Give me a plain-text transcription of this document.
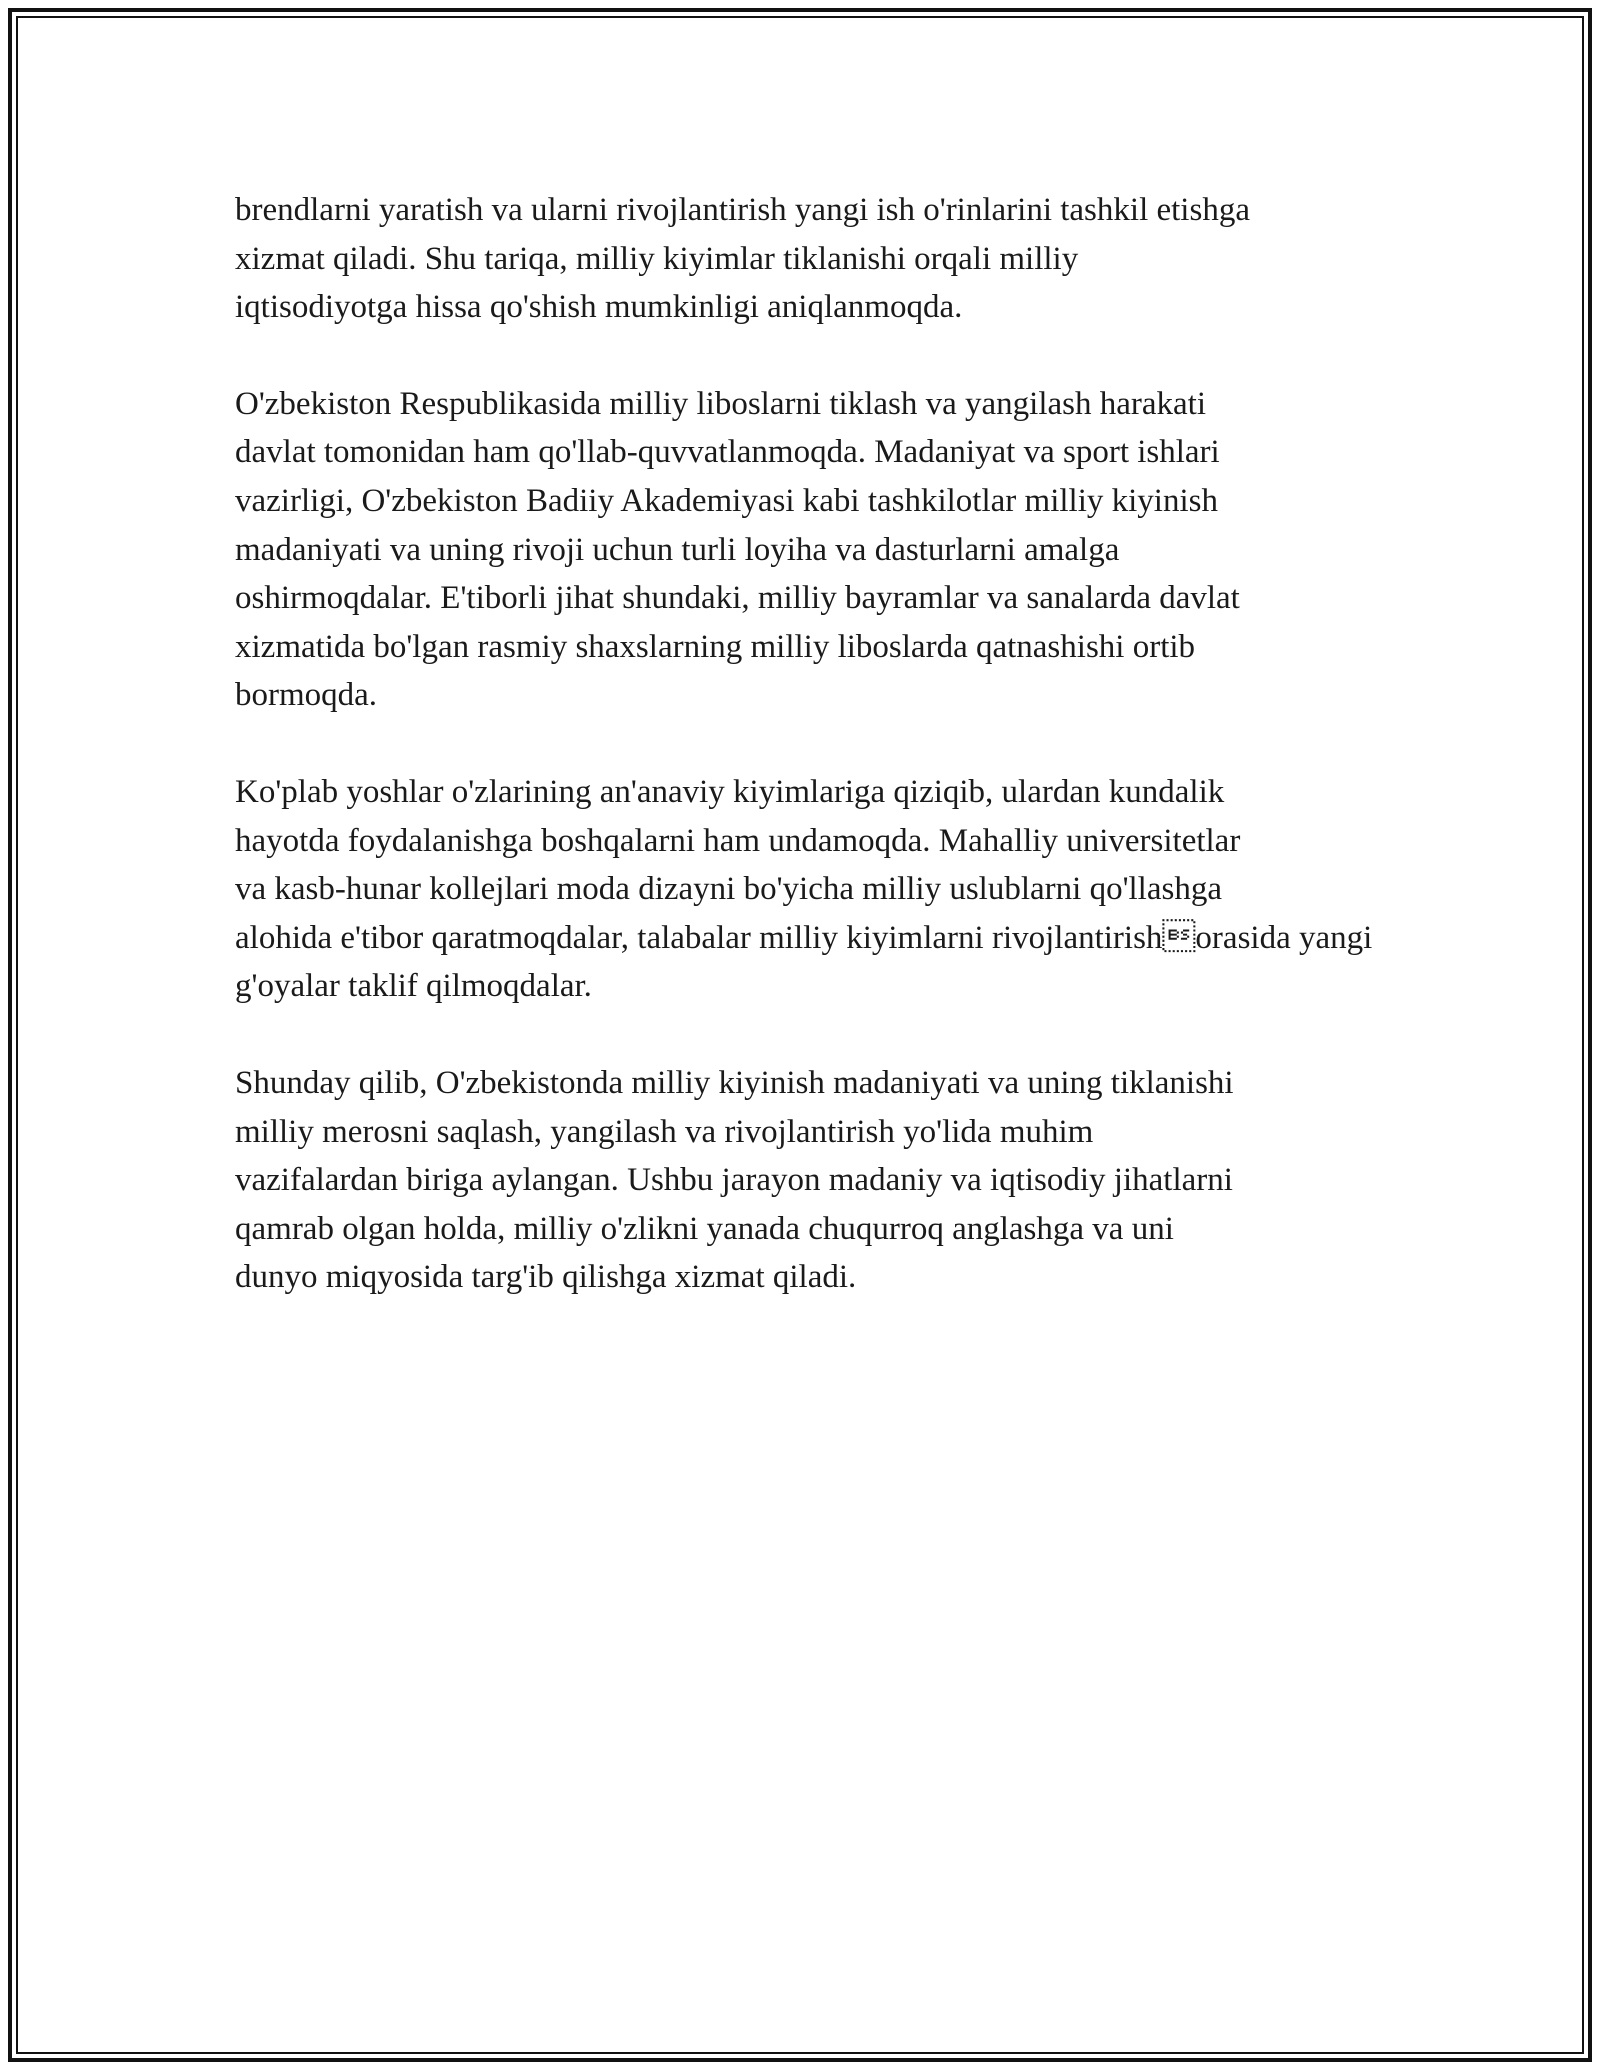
brendlarni yaratish va ularni rivojlantirish yangi ish o'rinlarini tashkil etishga
xizmat qiladi. Shu tariqa, milliy kiyimlar tiklanishi orqali milliy
iqtisodiyotga hissa qo'shish mumkinligi aniqlanmoqda.

O'zbekiston Respublikasida milliy liboslarni tiklash va yangilash harakati
davlat tomonidan ham qo'llab-quvvatlanmoqda. Madaniyat va sport ishlari
vazirligi, O'zbekiston Badiiy Akademiyasi kabi tashkilotlar milliy kiyinish
madaniyati va uning rivoji uchun turli loyiha va dasturlarni amalga
oshirmoqdalar. E'tiborli jihat shundaki, milliy bayramlar va sanalarda davlat
xizmatida bo'lgan rasmiy shaxslarning milliy liboslarda qatnashishi ortib
bormoqda.

Ko'plab yoshlar o'zlarining an'anaviy kiyimlariga qiziqib, ulardan kundalik
hayotda foydalanishga boshqalarni ham undamoqda. Mahalliy universitetlar
va kasb-hunar kollejlari moda dizayni bo'yicha milliy uslublarni qo'llashga
alohida e'tibor qaratmoqdalar, talabalar milliy kiyimlarni rivojlantirishorasida yangi g'oyalar taklif qilmoqdalar.

Shunday qilib, O'zbekistonda milliy kiyinish madaniyati va uning tiklanishi
milliy merosni saqlash, yangilash va rivojlantirish yo'lida muhim
vazifalardan biriga aylangan. Ushbu jarayon madaniy va iqtisodiy jihatlarni
qamrab olgan holda, milliy o'zlikni yanada chuqurroq anglashga va uni
dunyo miqyosida targ'ib qilishga xizmat qiladi.
